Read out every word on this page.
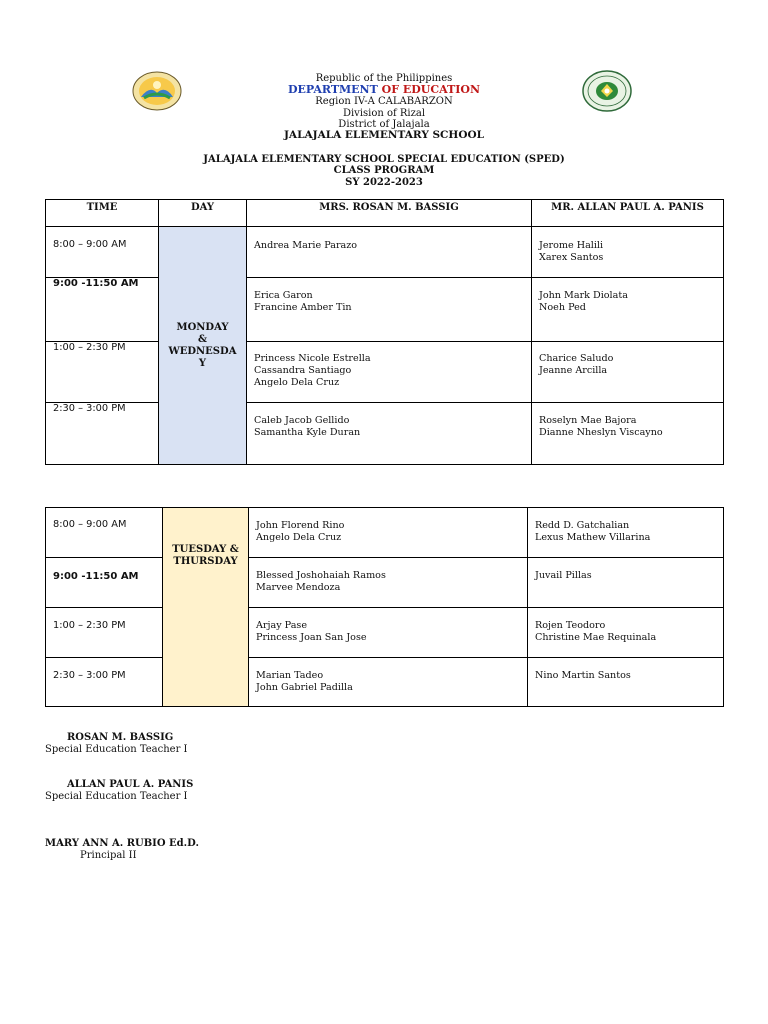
Republic of the Philippines
DEPARTMENT OF EDUCATION
Region IV-A CALABARZON
Division of Rizal
District of Jalajala
JALAJALA ELEMENTARY SCHOOL
JALAJALA ELEMENTARY SCHOOL SPECIAL EDUCATION (SPED)
CLASS PROGRAM
SY 2022-2023
TIME	DAY	MRS. ROSAN M. BASSIG	MR. ALLAN PAUL A. PANIS

8:00 – 9:00 AM	MONDAY
&
WEDNESDA
Y	Andrea Marie Parazo	Jerome Halili
Xarex Santos

9:00 -11:50 AM		Erica Garon
Francine Amber Tin	John Mark Diolata
Noeh Ped

1:00 – 2:30 PM		Princess Nicole Estrella
Cassandra Santiago
Angelo Dela Cruz	Charice Saludo
Jeanne Arcilla

2:30 – 3:00 PM		Caleb Jacob Gellido
Samantha Kyle Duran	Roselyn Mae Bajora
Dianne Nheslyn Viscayno
8:00 – 9:00 AM	TUESDAY &
THURSDAY	John Florend Rino
Angelo Dela Cruz	Redd D. Gatchalian
Lexus Mathew Villarina

9:00 -11:50 AM		Blessed Joshohaiah Ramos
Marvee Mendoza	Juvail Pillas

1:00 – 2:30 PM		Arjay Pase
Princess Joan San Jose	Rojen Teodoro
Christine Mae Requinala

2:30 – 3:00 PM		Marian Tadeo
John Gabriel Padilla	Nino Martin Santos
ROSAN M. BASSIG
Special Education Teacher I
ALLAN PAUL A. PANIS
Special Education Teacher I
MARY ANN A. RUBIO Ed.D.
Principal II
